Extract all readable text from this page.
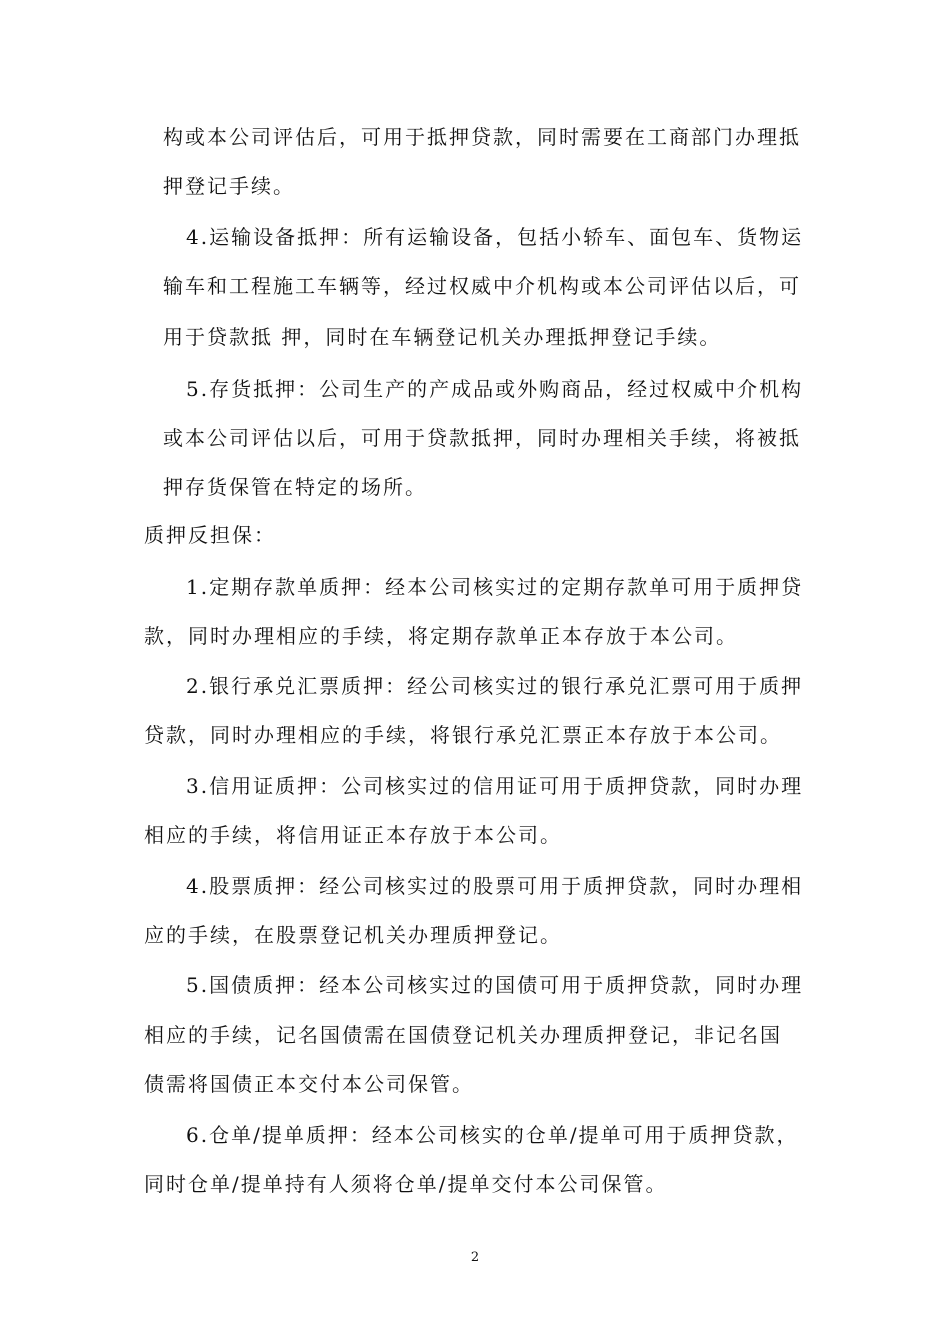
构或本公司评估后，可用于抵押贷款，同时需要在工商部门办理抵
押登记手续。
4.运输设备抵押：所有运输设备，包括小轿车、面包车、货物运
输车和工程施工车辆等，经过权威中介机构或本公司评估以后，可
用于贷款抵 押，同时在车辆登记机关办理抵押登记手续。
5.存货抵押：公司生产的产成品或外购商品，经过权威中介机构
或本公司评估以后，可用于贷款抵押，同时办理相关手续，将被抵
押存货保管在特定的场所。
质押反担保：
1.定期存款单质押：经本公司核实过的定期存款单可用于质押贷
款，同时办理相应的手续，将定期存款单正本存放于本公司。
2.银行承兑汇票质押：经公司核实过的银行承兑汇票可用于质押
贷款，同时办理相应的手续，将银行承兑汇票正本存放于本公司。
3.信用证质押：公司核实过的信用证可用于质押贷款，同时办理
相应的手续，将信用证正本存放于本公司。
4.股票质押：经公司核实过的股票可用于质押贷款，同时办理相
应的手续，在股票登记机关办理质押登记。
5.国债质押：经本公司核实过的国债可用于质押贷款，同时办理
相应的手续，记名国债需在国债登记机关办理质押登记，非记名国
债需将国债正本交付本公司保管。
6.仓单/提单质押：经本公司核实的仓单/提单可用于质押贷款，
同时仓单/提单持有人须将仓单/提单交付本公司保管。
2
